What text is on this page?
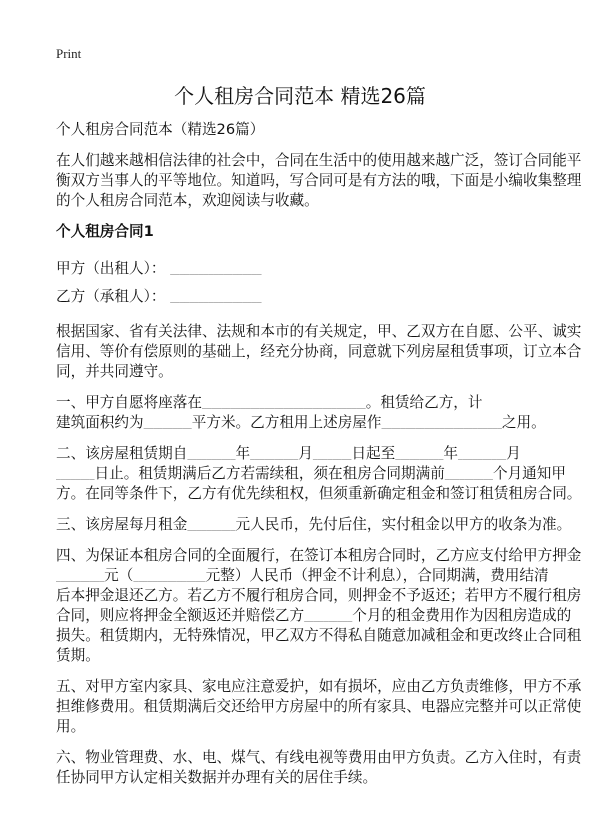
Print
个人租房合同范本 精选26篇
个人租房合同范本（精选26篇）
在人们越来越相信法律的社会中，合同在生活中的使用越来越广泛，签订合同能平
衡双方当事人的平等地位。知道吗，写合同可是有方法的哦，下面是小编收集整理
的个人租房合同范本，欢迎阅读与收藏。
个人租房合同1
甲方（出租人）： ___________________
乙方（承租人）： ___________________
根据国家、省有关法律、法规和本市的有关规定，甲、乙双方在自愿、公平、诚实
信用、等价有偿原则的基础上，经充分协商，同意就下列房屋租赁事项，订立本合
同，并共同遵守。
一、甲方自愿将座落在__________________________________。租赁给乙方，计
建筑面积约为__________平方米。乙方租用上述房屋作_________________________之用。
二、该房屋租赁期自__________年__________月________日起至__________年__________月
________日止。租赁期满后乙方若需续租，须在租房合同期满前__________个月通知甲
方。在同等条件下，乙方有优先续租权，但须重新确定租金和签订租赁租房合同。
三、该房屋每月租金__________元人民币，先付后住，实付租金以甲方的收条为准。
四、为保证本租房合同的全面履行，在签订本租房合同时，乙方应支付给甲方押金
__________元（_______________元整）人民币（押金不计利息），合同期满，费用结清
后本押金退还乙方。若乙方不履行租房合同，则押金不予返还；若甲方不履行租房
合同，则应将押金全额返还并赔偿乙方__________个月的租金费用作为因租房造成的
损失。租赁期内，无特殊情况，甲乙双方不得私自随意加减租金和更改终止合同租
赁期。
五、对甲方室内家具、家电应注意爱护，如有损坏，应由乙方负责维修，甲方不承
担维修费用。租赁期满后交还给甲方房屋中的所有家具、电器应完整并可以正常使
用。
六、物业管理费、水、电、煤气、有线电视等费用由甲方负责。乙方入住时，有责
任协同甲方认定相关数据并办理有关的居住手续。
